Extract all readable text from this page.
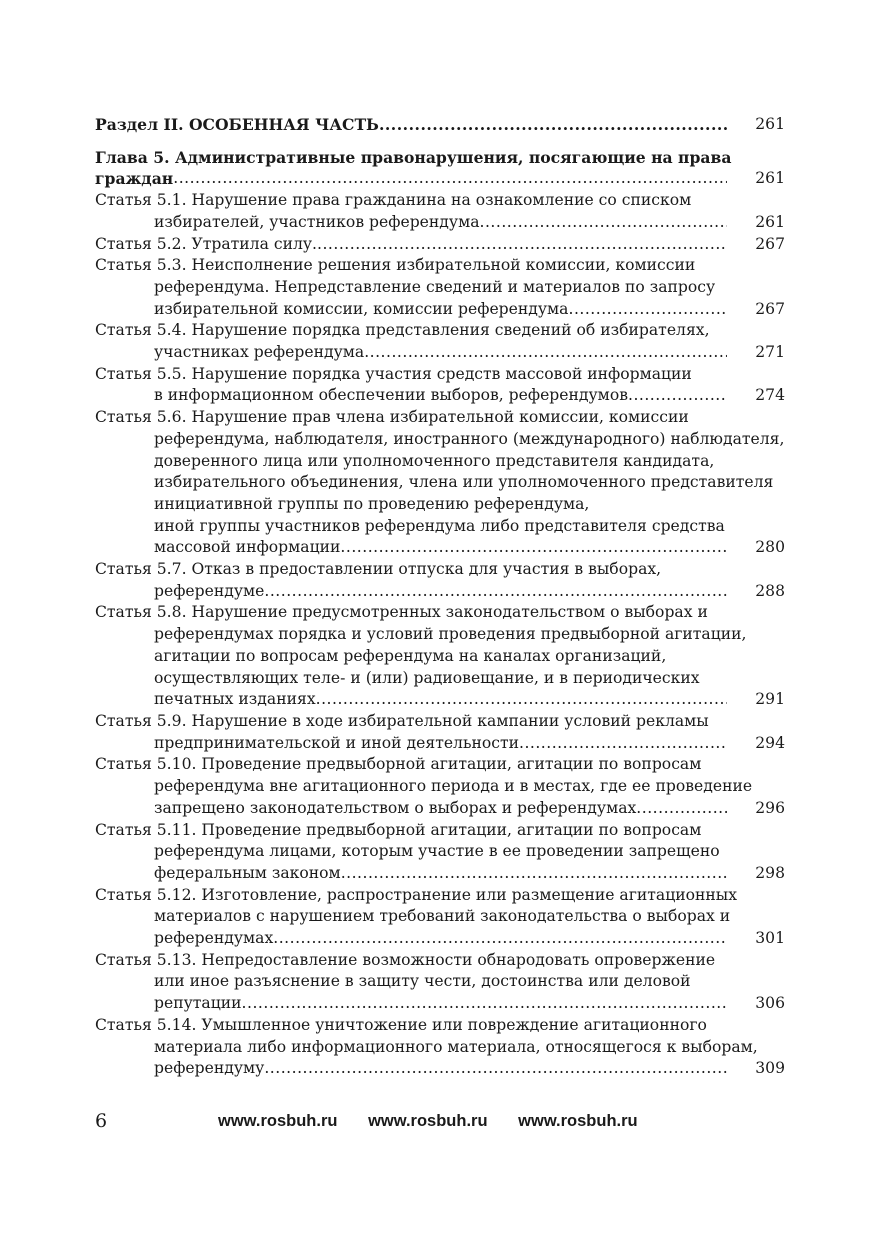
Раздел II. ОСОБЕННАЯ ЧАСТЬ .....	261
Глава 5. Административные правонарушения, посягающие на права
граждан .....	261
Статья 5.1. Нарушение права гражданина на ознакомление со списком
избирателей, участников референдума .....	261
Статья 5.2. Утратила силу. .....	267
Статья 5.3. Неисполнение решения избирательной комиссии, комиссии
референдума. Непредставление сведений и материалов по запросу
избирательной комиссии, комиссии референдума .....	267
Статья 5.4. Нарушение порядка представления сведений об избирателях,
участниках референдума .....	271
Статья 5.5. Нарушение порядка участия средств массовой информации
в информационном обеспечении выборов, референдумов .....	274
Статья 5.6. Нарушение прав члена избирательной комиссии, комиссии
референдума, наблюдателя, иностранного (международного) наблюдателя,
доверенного лица или уполномоченного представителя кандидата,
избирательного объединения, члена или уполномоченного представителя
инициативной группы по проведению референдума,
иной группы участников референдума либо представителя средства
массовой информации .....	280
Статья 5.7. Отказ в предоставлении отпуска для участия в выборах,
референдуме .....	288
Статья 5.8. Нарушение предусмотренных законодательством о выборах и
референдумах порядка и условий проведения предвыборной агитации,
агитации по вопросам референдума на каналах организаций,
осуществляющих теле- и (или) радиовещание, и в периодических
печатных изданиях .....	291
Статья 5.9. Нарушение в ходе избирательной кампании условий рекламы
предпринимательской и иной деятельности .....	294
Статья 5.10. Проведение предвыборной агитации, агитации по вопросам
референдума вне агитационного периода и в местах, где ее проведение
запрещено законодательством о выборах и референдумах .....	296
Статья 5.11. Проведение предвыборной агитации, агитации по вопросам
референдума лицами, которым участие в ее проведении запрещено
федеральным законом .....	298
Статья 5.12. Изготовление, распространение или размещение агитационных
материалов с нарушением требований законодательства о выборах и
референдумах .....	301
Статья 5.13. Непредоставление возможности обнародовать опровержение
или иное разъяснение в защиту чести, достоинства или деловой
репутации .....	306
Статья 5.14. Умышленное уничтожение или повреждение агитационного
материала либо информационного материала, относящегося к выборам,
референдуму .....	309
6	www.rosbuh.ru www.rosbuh.ru www.rosbuh.ru
